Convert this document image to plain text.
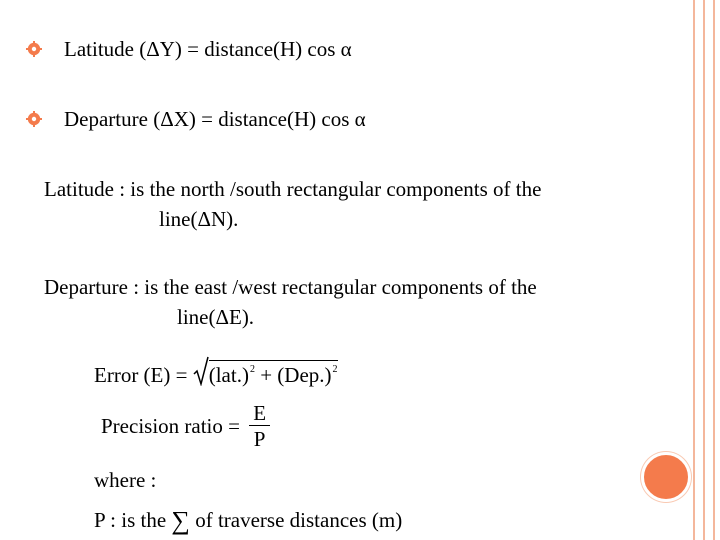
Latitude (ΔY) = distance(H) cos α
Departure (ΔX) = distance(H) cos α
Latitude : is the north /south rectangular components of the
line(ΔN).
Departure : is the east /west rectangular components of the
line(ΔE).
Error $(E) = (lat.)^2 + (Dep.)^2$
Precision ratio = $\frac{E}{P}$
where :
P : is the ∑ of traverse distances (m)
